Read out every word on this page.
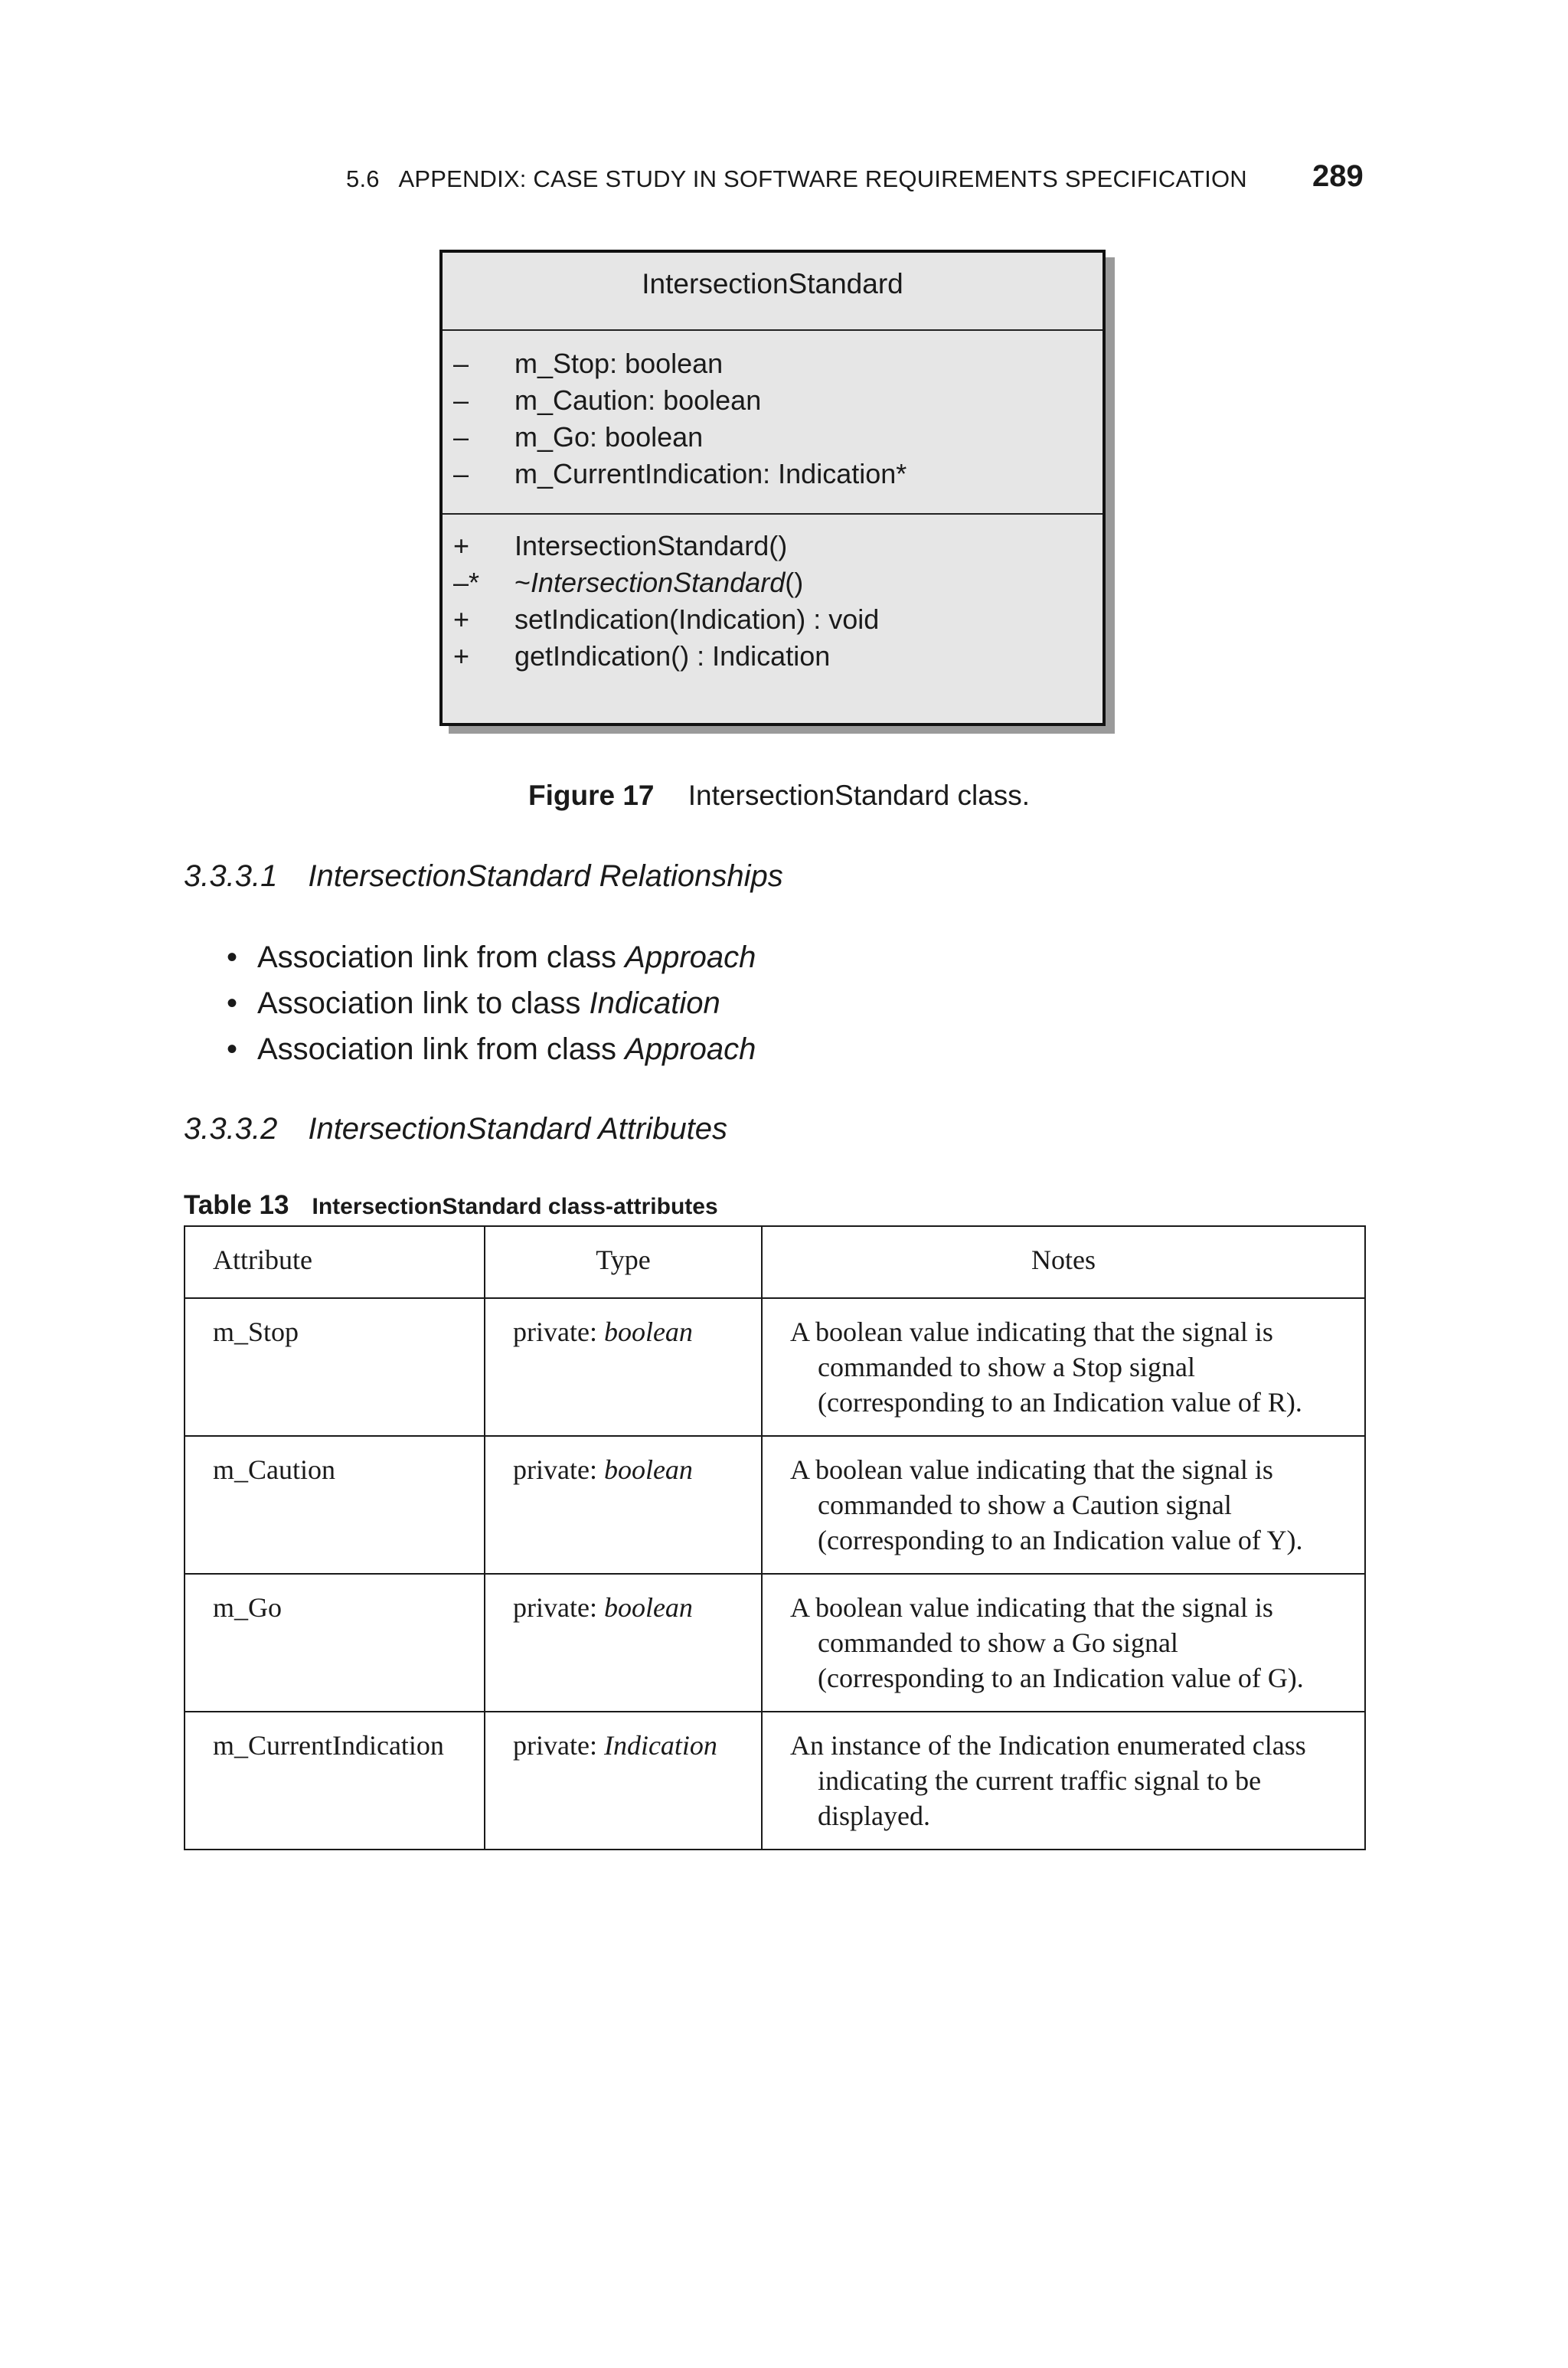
5.6 APPENDIX: CASE STUDY IN SOFTWARE REQUIREMENTS SPECIFICATION 289
IntersectionStandard
–	m_Stop: boolean
–	m_Caution: boolean
–	m_Go: boolean
–	m_CurrentIndication: Indication*
+	IntersectionStandard()
–* ~IntersectionStandard()
+	setIndication(Indication) : void
+	getIndication() : Indication
Figure 17 IntersectionStandard class.
3.3.3.1 IntersectionStandard Relationships
• Association link from class Approach
• Association link to class Indication
• Association link from class Approach
3.3.3.2 IntersectionStandard Attributes
Table 13 IntersectionStandard class-attributes
Attribute	Type	Notes
m_Stop	private: boolean	A boolean value indicating that the signal is commanded to show a Stop signal (corresponding to an Indication value of R).

m_Caution	private: boolean	A boolean value indicating that the signal is commanded to show a Caution signal (corresponding to an Indication value of Y).

m_Go	private: boolean	A boolean value indicating that the signal is commanded to show a Go signal (corresponding to an Indication value of G).

m_CurrentIndication	private: Indication	An instance of the Indication enumerated class indicating the current traffic signal to be displayed.
